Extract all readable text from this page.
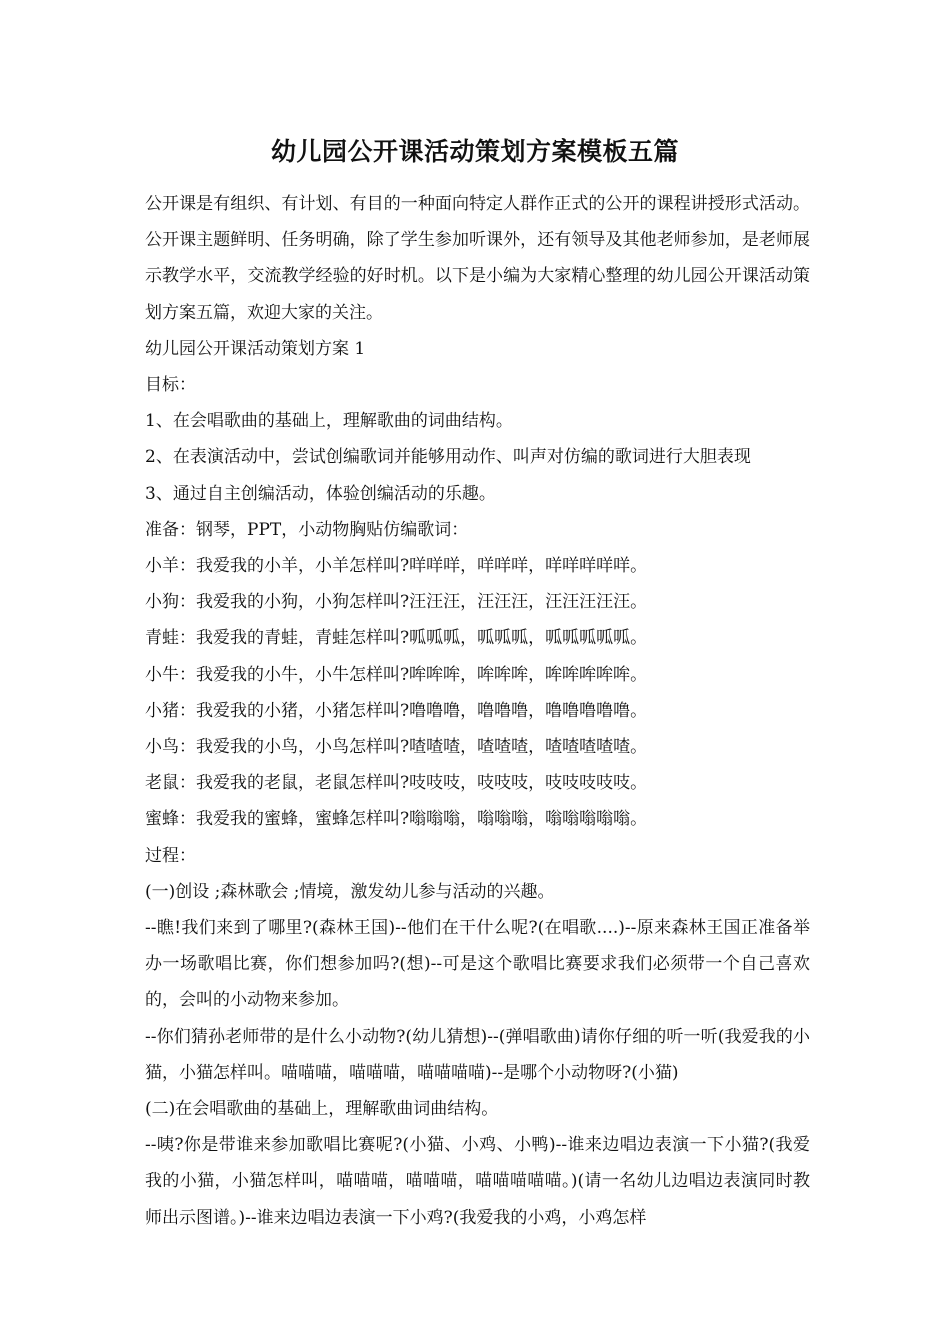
幼儿园公开课活动策划方案模板五篇

公开课是有组织、有计划、有目的一种面向特定人群作正式的公开的课程讲授形式活动。公开课主题鲜明、任务明确，除了学生参加听课外，还有领导及其他老师参加，是老师展示教学水平，交流教学经验的好时机。以下是小编为大家精心整理的幼儿园公开课活动策划方案五篇，欢迎大家的关注。

幼儿园公开课活动策划方案 1

目标：

1、在会唱歌曲的基础上，理解歌曲的词曲结构。

2、在表演活动中，尝试创编歌词并能够用动作、叫声对仿编的歌词进行大胆表现

3、通过自主创编活动，体验创编活动的乐趣。

准备：钢琴，PPT，小动物胸贴仿编歌词：

小羊：我爱我的小羊，小羊怎样叫?咩咩咩，咩咩咩，咩咩咩咩咩。

小狗：我爱我的小狗，小狗怎样叫?汪汪汪，汪汪汪，汪汪汪汪汪。

青蛙：我爱我的青蛙，青蛙怎样叫?呱呱呱，呱呱呱，呱呱呱呱呱。

小牛：我爱我的小牛，小牛怎样叫?哞哞哞，哞哞哞，哞哞哞哞哞。

小猪：我爱我的小猪，小猪怎样叫?噜噜噜，噜噜噜，噜噜噜噜噜。

小鸟：我爱我的小鸟，小鸟怎样叫?喳喳喳，喳喳喳，喳喳喳喳喳。

老鼠：我爱我的老鼠，老鼠怎样叫?吱吱吱，吱吱吱，吱吱吱吱吱。

蜜蜂：我爱我的蜜蜂，蜜蜂怎样叫?嗡嗡嗡，嗡嗡嗡，嗡嗡嗡嗡嗡。

过程：

(一)创设 ;森林歌会 ;情境，激发幼儿参与活动的兴趣。

--瞧!我们来到了哪里?(森林王国)--他们在干什么呢?(在唱歌....)--原来森林王国正准备举办一场歌唱比赛，你们想参加吗?(想)--可是这个歌唱比赛要求我们必须带一个自己喜欢的，会叫的小动物来参加。

--你们猜孙老师带的是什么小动物?(幼儿猜想)--(弹唱歌曲)请你仔细的听一听(我爱我的小猫，小猫怎样叫。喵喵喵，喵喵喵，喵喵喵喵)--是哪个小动物呀?(小猫)

(二)在会唱歌曲的基础上，理解歌曲词曲结构。

--咦?你是带谁来参加歌唱比赛呢?(小猫、小鸡、小鸭)--谁来边唱边表演一下小猫?(我爱我的小猫，小猫怎样叫，喵喵喵，喵喵喵，喵喵喵喵喵。)(请一名幼儿边唱边表演同时教师出示图谱。)--谁来边唱边表演一下小鸡?(我爱我的小鸡，小鸡怎样
